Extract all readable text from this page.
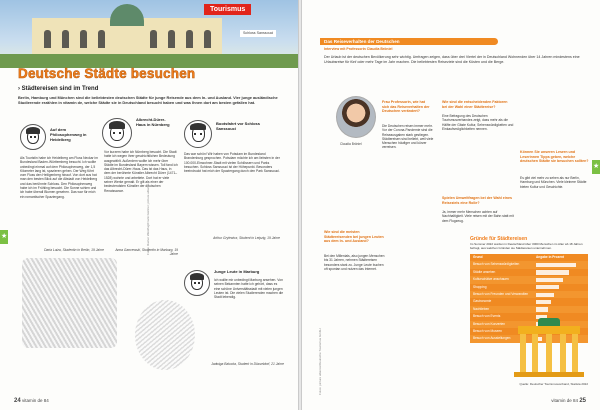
Tourismus
Schloss Sanssouci
Deutsche Städte besuchen
› Städtereisen sind im Trend
Berlin, Hamburg und München sind die beliebtesten deutschen Städte für junge Reisende aus dem In- und Ausland. Vier junge ausländische Studierende erzählen in vitamin de, welche Städte sie in Deutschland besucht haben und was Ihnen dort am besten gefallen hat.
Auf dem Philosophenweg in Heidelberg
Als Touristin habe ich Heidelberg am Fluss Neckar im Bundesland Baden-Württemberg besucht. Ich wollte unbedingt einmal auf dem Philosophenweg, der 1,5 Kilometer lang ist, spazieren gehen. Der Weg führt vom Fluss den Heiligenberg hinauf. Von dort aus hat man den besten Blick auf die Altstadt von Heidelberg und das berühmte Schloss. Den Philosophenweg habe ich im Frühling besucht. Die Sonne schien und ich habe überall Blumen gesehen. Das war für mich ein romantischer Spaziergang.
Daria Luiza, Studentin in Berlin, 19 Jahre
Albrecht-Dürer-Haus in Nürnberg
Vor kurzem habe ich Nürnberg besucht. Die Stadt hatte ich wegen ihrer geschichtlichen Bedeutung ausgewählt. Außerdem wollte ich mehr über Städte im Bundesland Bayern wissen. Toll fand ich das Albrecht-Dürer-Haus. Das ist das Haus, in dem der berühmte Künstler Albrecht Dürer (1471–1528) wohnte und arbeitete. Dort hat er viele seiner Werke gemalt. Er gilt als einer der bedeutendsten Künstler der deutschen Renaissance.
Anna Gancewski, Studentin in Marburg, 19 Jahre
Bootsfahrt vor Schloss Sanssouci
Das war schön! Wir haben von Potsdam im Bundesland Brandenburg gesprochen. Potsdam möchte ich am liebsten in der 100.000-Einwohner-Stadt mit vielen Schlössern und Parks besuchen. Schloss Sanssouci ist der Höhepunkt. Besonders beeindruckt hat mich der Spaziergang durch den Park Sanssouci.
Arthur Grylewicz, Student in Leipzig, 19 Jahre
Junge Leute in Marburg
Ich wollte mir unbedingt Marburg ansehen. Von seinen Bekannten hatte ich gehört, dass es eine schöne Universitätsstadt mit vielen jungen Leuten ist. Die vielen Studierenden machen die Stadt lebendig.
Jadwiga Balucka, Student in Düsseldorf, 21 Jahre
★	Fotos: Rainer Weisflog/Frank Gärtner; picture alliance
24 vitamin de 84
Das Reiseverhalten der Deutschen
Interview mit Professorin Claudia Bröniel
Der Urlaub ist der deutschen Bevölkerung sehr wichtig. Umfragen zeigen, dass über drei Viertel der in Deutschland Wohnenden über 14 Jahren mindestens eine Urlaubsreise für fünf oder mehr Tage im Jahr machen. Die beliebtesten Reiseziele sind die Küsten und die Berge.
Claudia Bröniel
Frau Professorin, wie hat sich das Reiseverhalten der Deutschen verändert?
Die Deutschen reisen immer mehr. Vor der Corona-Pandemie sind die Reiseausgaben stark gestiegen. Städtereisen sind beliebt, weil viele Menschen häufiger und kürzer verreisen.
Wie sind die meisten Städtereisenden bei jungen Leuten aus dem In- und Ausland?
Bei den Millenials, also jungen Menschen bis 31 Jahren, nehmen Städtereisen besonders stark zu. Junge Leute buchen oft spontan und nutzen das Internet.
Wie sind die entscheidenden Faktoren bei der Wahl einer Städtereise?
Eine Befragung des Deutschen Tourismusverbandes zeigt, dass mehr als die Hälfte der Gäste Kultur, Sehenswürdigkeiten und Einkaufsmöglichkeiten nennen.
Spielen Umweltfragen bei der Wahl eines Reiseziels eine Rolle?
Ja, immer mehr Menschen achten auf Nachhaltigkeit. Viele reisen mit der Bahn statt mit dem Flugzeug.
Können Sie unseren Lesern und Leserinnen Tipps geben, welche deutschen Städte sie besuchen sollten?
Es gibt viel mehr zu sehen als nur Berlin, Hamburg und München. Viele kleinere Städte bieten Kultur und Geschichte.
Fotos: picture alliance/Deutsche Tourismus GmbH
Gründe für Städtereisen
Im Sommer 2022 wurden in Deutschland über 3000 Menschen im Alter ab 18 Jahren befragt, aus welchen Gründen sie Städtereisen unternehmen.
Grund	Angabe in Prozent
Besuch von Sehenswürdigkeiten
Städte ansehen
Kulturschätze anschauen
Shopping
Besuch von Freunden und Verwandten
Gastronomie
Nachtleben
Besuch von Events
Besuch von Konzerten
Besuch von Museen
Besuch von Ausstellungen
Quelle: Deutscher Tourismusverband, Statista 2022
★
vitamin de 84 25
